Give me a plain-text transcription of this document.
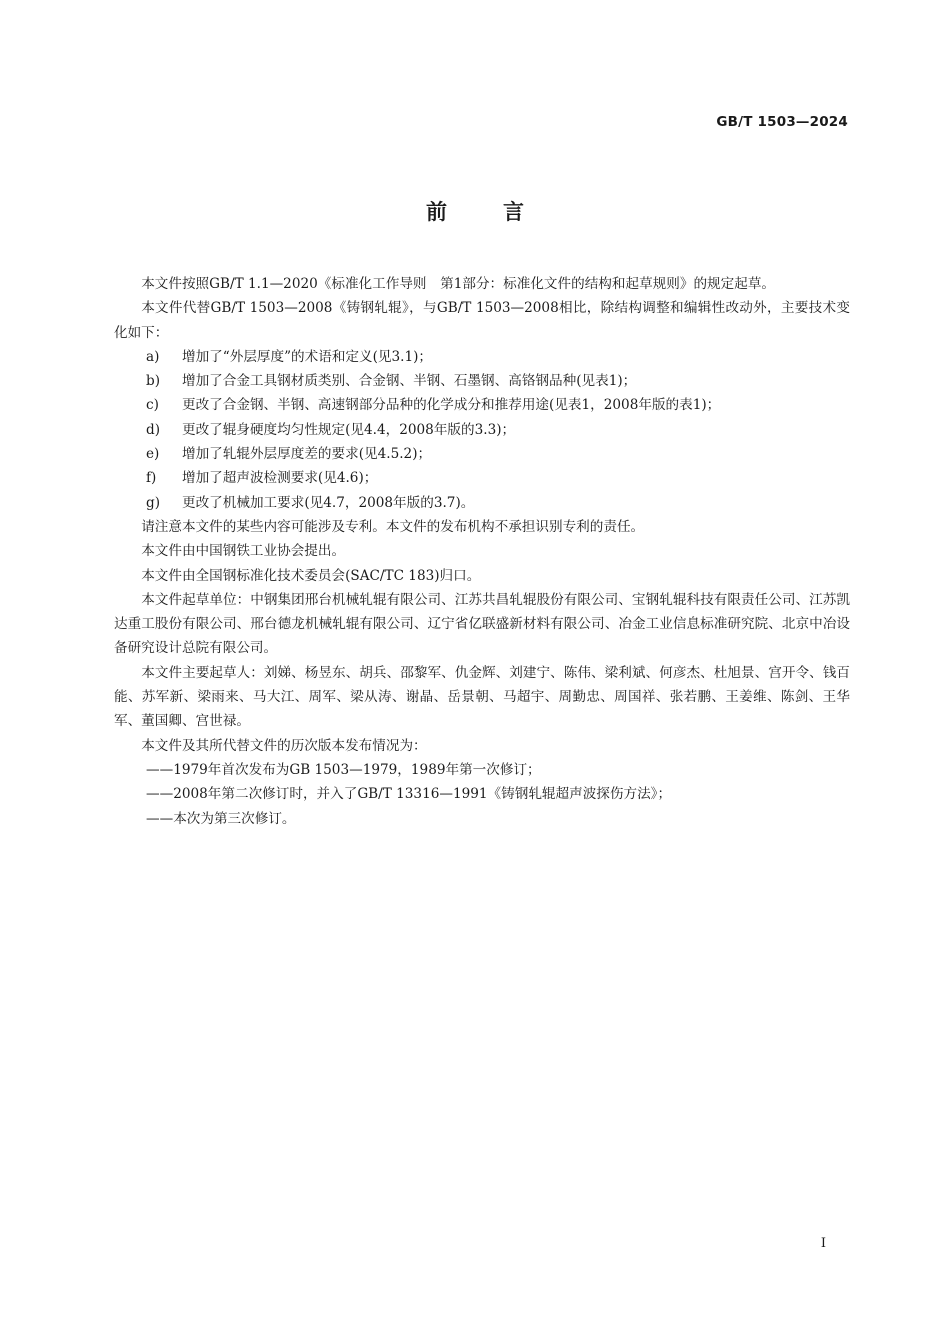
GB/T 1503—2024
前言

本文件按照GB/T 1.1—2020《标准化工作导则　第1部分：标准化文件的结构和起草规则》的规定起草。

本文件代替GB/T 1503—2008《铸钢轧辊》，与GB/T 1503—2008相比，除结构调整和编辑性改动外，主要技术变化如下：

a)	增加了“外层厚度”的术语和定义(见3.1)；
b)	增加了合金工具钢材质类别、合金钢、半钢、石墨钢、高铬钢品种(见表1)；
c)	更改了合金钢、半钢、高速钢部分品种的化学成分和推荐用途(见表1，2008年版的表1)；
d)	更改了辊身硬度均匀性规定(见4.4，2008年版的3.3)；
e)	增加了轧辊外层厚度差的要求(见4.5.2)；
f)	增加了超声波检测要求(见4.6)；
g)	更改了机械加工要求(见4.7，2008年版的3.7)。

请注意本文件的某些内容可能涉及专利。本文件的发布机构不承担识别专利的责任。

本文件由中国钢铁工业协会提出。

本文件由全国钢标准化技术委员会(SAC/TC 183)归口。

本文件起草单位：中钢集团邢台机械轧辊有限公司、江苏共昌轧辊股份有限公司、宝钢轧辊科技有限责任公司、江苏凯达重工股份有限公司、邢台德龙机械轧辊有限公司、辽宁省亿联盛新材料有限公司、冶金工业信息标准研究院、北京中冶设备研究设计总院有限公司。

本文件主要起草人：刘娣、杨昱东、胡兵、邵黎军、仇金辉、刘建宁、陈伟、梁利斌、何彦杰、杜旭景、宫开令、钱百能、苏军新、梁雨来、马大江、周军、梁从涛、谢晶、岳景朝、马超宇、周勤忠、周国祥、张若鹏、王姜维、陈剑、王华军、董国卿、宫世禄。

本文件及其所代替文件的历次版本发布情况为：

——1979年首次发布为GB 1503—1979，1989年第一次修订；

——2008年第二次修订时，并入了GB/T 13316—1991《铸钢轧辊超声波探伤方法》；

——本次为第三次修订。

I
